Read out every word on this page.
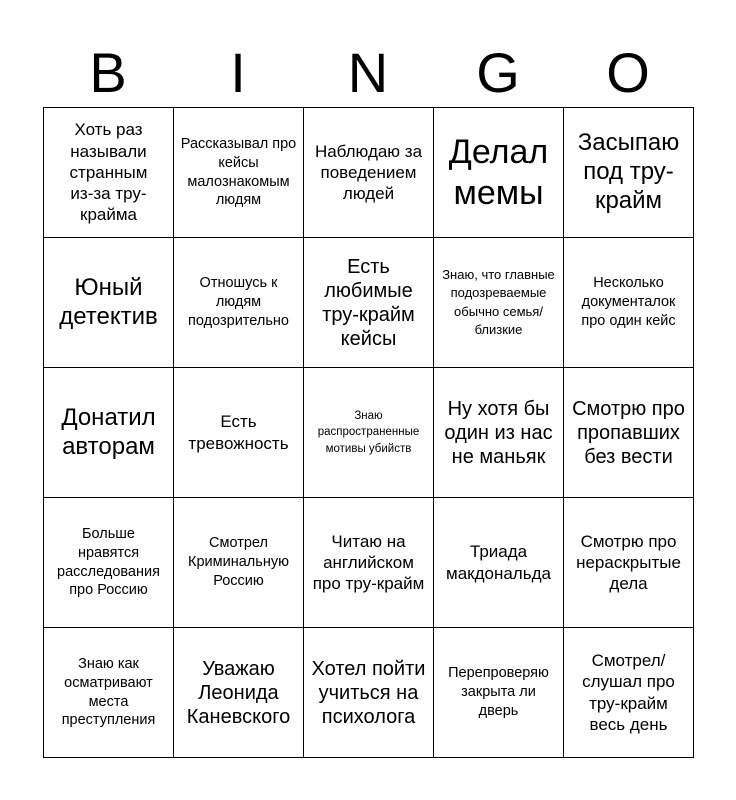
B	I	N	G	O
Хоть раз называли странным из-за тру-крайма
Рассказывал про кейсы малознакомым людям
Наблюдаю за поведением людей
Делал мемы
Засыпаю под тру-крайм
Юный детектив
Отношусь к людям подозрительно
Есть любимые тру-крайм кейсы
Знаю, что главные подозреваемые обычно семья/близкие
Несколько документалок про один кейс
Донатил авторам
Есть тревожность
Знаю распространенные мотивы убийств
Ну хотя бы один из нас не маньяк
Смотрю про пропавших без вести
Больше нравятся расследования про Россию
Смотрел Криминальную Россию
Читаю на английском про тру-крайм
Триада макдональда
Смотрю про нераскрытые дела
Знаю как осматривают места преступления
Уважаю Леонида Каневского
Хотел пойти учиться на психолога
Перепроверяю закрыта ли дверь
Смотрел/ слушал про тру-крайм весь день
